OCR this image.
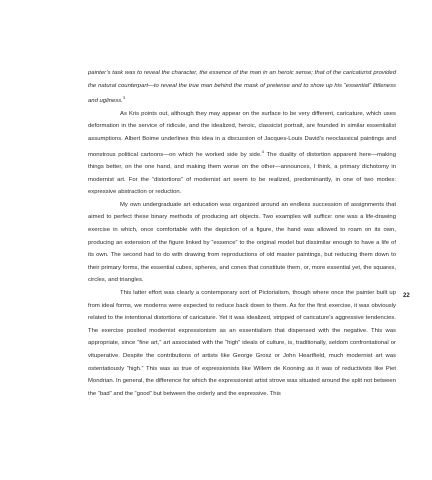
painter’s task was to reveal the character, the essence of the man in an heroic sense; that of the caricaturist provided the natural counterpart—to reveal the true man behind the mask of pretense and to show up his “essential” littleness and ugliness.$^3$

As Kris points out, although they may appear on the surface to be very different, caricature, which uses deformation in the service of ridicule, and the idealized, heroic, classicist portrait, are founded in similar essentialist assumptions. Albert Boime underlines this idea in a discussion of Jacques-Louis David’s neoclassical paintings and monstrous political cartoons—on which he worked side by side.$^4$ The duality of distortion apparent here—making things better, on the one hand, and making them worse on the other—announces, I think, a primary dichotomy in modernist art. For the “distortions” of modernist art seem to be realized, predominantly, in one of two modes: expressive abstraction or reduction.

My own undergraduate art education was organized around an endless succession of assignments that aimed to perfect these binary methods of producing art objects. Two examples will suffice: one was a life-drawing exercise in which, once comfortable with the depiction of a figure, the hand was allowed to roam on its own, producing an extension of the figure linked by “essence” to the original model but dissimilar enough to have a life of its own. The second had to do with drawing from reproductions of old master paintings, but reducing them down to their primary forms, the essential cubes, spheres, and cones that constitute them, or, more essential yet, the squares, circles, and triangles.

This latter effort was clearly a contemporary sort of Pictorialism, though where once the painter built up from ideal forms, we moderns were expected to reduce back down to them. As for the first exercise, it was obviously related to the intentional distortions of caricature. Yet it was idealized, stripped of caricature’s aggressive tendencies. The exercise posited modernist expressionism as an essentialism that dispensed with the negative. This was appropriate, since “fine art,” art associated with the “high” ideals of culture, is, traditionally, seldom confrontational or vituperative. Despite the contributions of artists like George Grosz or John Heartfield, much modernist art was ostentatiously “high.” This was as true of expressionists like Willem de Kooning as it was of reductivists like Piet Mondrian. In general, the difference for which the expressionist artist strove was situated around the split not between the “bad” and the “good” but between the orderly and the expressive. This

22
